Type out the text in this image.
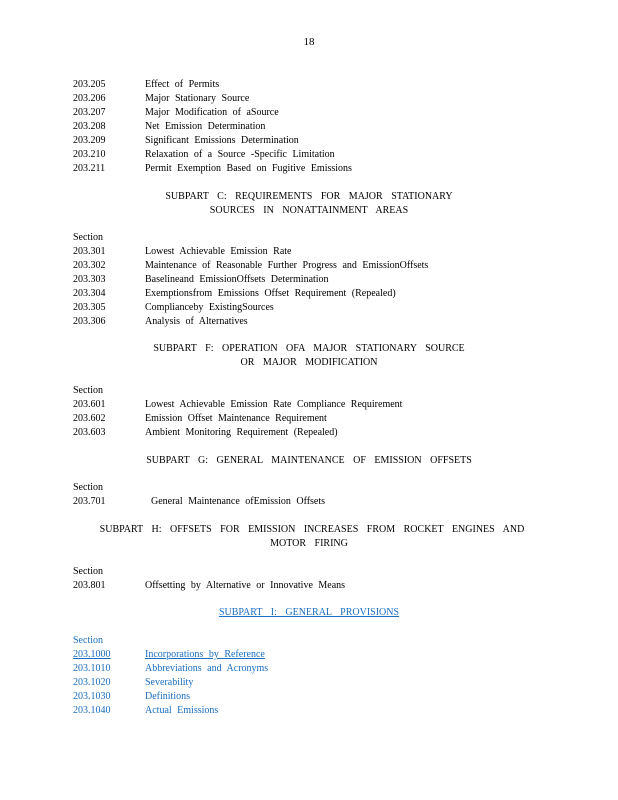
18
203.205	Effect of Permits
203.206	Major Stationary Source
203.207	Major Modification of aSource
203.208	Net Emission Determination
203.209	Significant Emissions Determination
203.210	Relaxation of a Source -Specific Limitation
203.211	Permit Exemption Based on Fugitive Emissions
SUBPART C: REQUIREMENTS FOR MAJOR STATIONARY
SOURCES IN NONATTAINMENT AREAS
Section
203.301	Lowest Achievable Emission Rate
203.302	Maintenance of Reasonable Further Progress and EmissionOffsets
203.303	Baselineand EmissionOffsets Determination
203.304	Exemptionsfrom Emissions Offset Requirement (Repealed)
203.305	Complianceby ExistingSources
203.306	Analysis of Alternatives
SUBPART F: OPERATION OFA MAJOR STATIONARY SOURCE
OR MAJOR MODIFICATION
Section
203.601	Lowest Achievable Emission Rate Compliance Requirement
203.602	Emission Offset Maintenance Requirement
203.603	Ambient Monitoring Requirement (Repealed)
SUBPART G: GENERAL MAINTENANCE OF EMISSION OFFSETS
Section
203.701	General Maintenance ofEmission Offsets
SUBPART H: OFFSETS FOR EMISSION INCREASES FROM ROCKET ENGINES AND
MOTOR FIRING
Section
203.801	Offsetting by Alternative or Innovative Means
SUBPART I: GENERAL PROVISIONS
Section
203.1000	Incorporations by Reference
203.1010	Abbreviations and Acronyms
203.1020	Severability
203.1030	Definitions
203.1040	Actual Emissions
